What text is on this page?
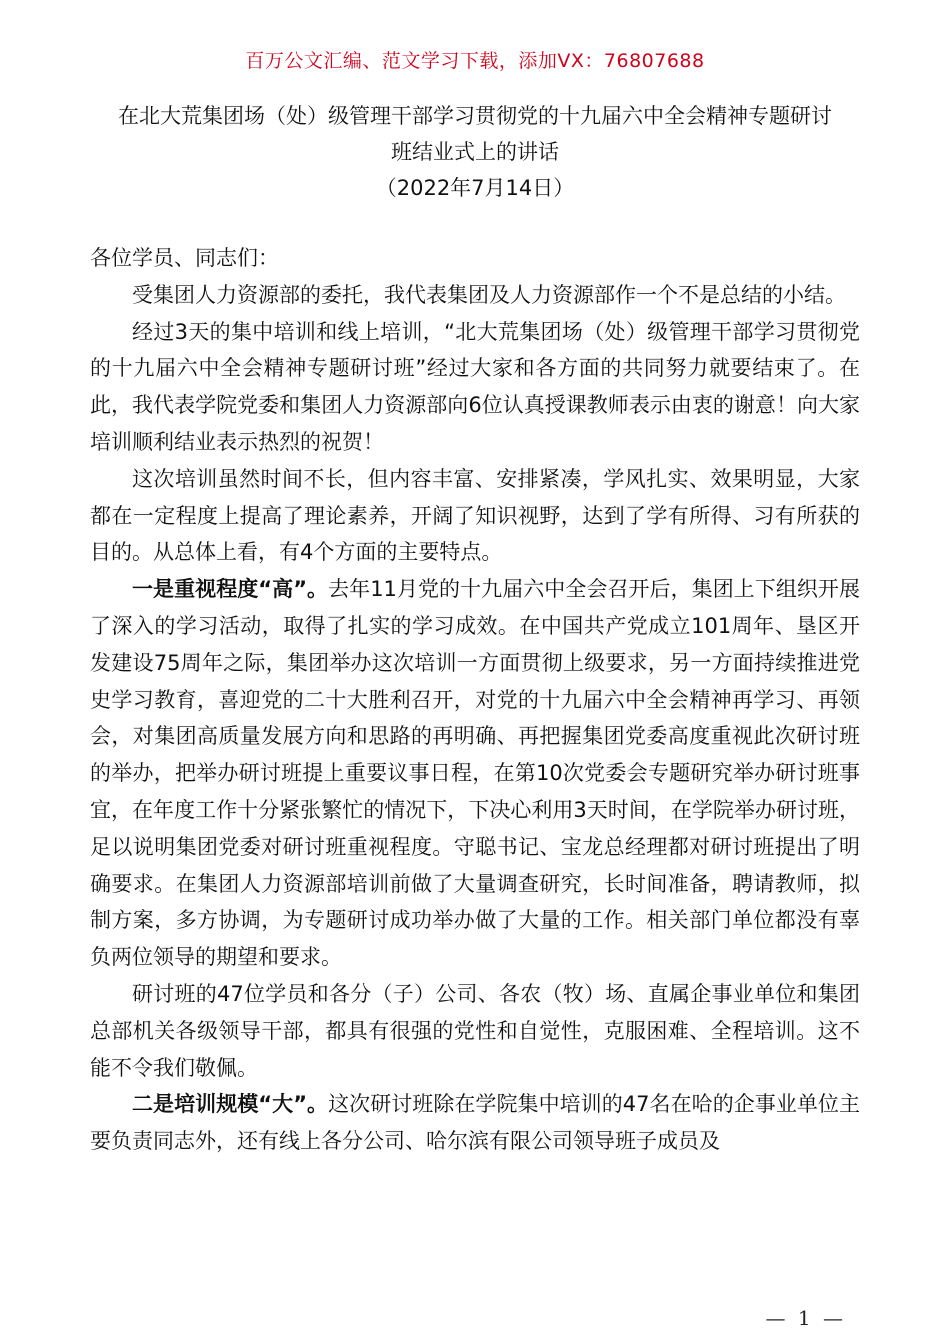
百万公文汇编、范文学习下载，添加VX：76807688
在北大荒集团场（处）级管理干部学习贯彻党的十九届六中全会精神专题研讨
班结业式上的讲话
（2022年7月14日）

各位学员、同志们：

受集团人力资源部的委托，我代表集团及人力资源部作一个不是总结的小结。

经过3天的集中培训和线上培训，“北大荒集团场（处）级管理干部学习贯彻党的十九届六中全会精神专题研讨班”经过大家和各方面的共同努力就要结束了。在此，我代表学院党委和集团人力资源部向6位认真授课教师表示由衷的谢意！向大家培训顺利结业表示热烈的祝贺！

这次培训虽然时间不长，但内容丰富、安排紧凑，学风扎实、效果明显，大家都在一定程度上提高了理论素养，开阔了知识视野，达到了学有所得、习有所获的目的。从总体上看，有4个方面的主要特点。

一是重视程度“高”。去年11月党的十九届六中全会召开后，集团上下组织开展了深入的学习活动，取得了扎实的学习成效。在中国共产党成立101周年、垦区开发建设75周年之际，集团举办这次培训一方面贯彻上级要求，另一方面持续推进党史学习教育，喜迎党的二十大胜利召开，对党的十九届六中全会精神再学习、再领会，对集团高质量发展方向和思路的再明确、再把握集团党委高度重视此次研讨班的举办，把举办研讨班提上重要议事日程，在第10次党委会专题研究举办研讨班事宜，在年度工作十分紧张繁忙的情况下，下决心利用3天时间，在学院举办研讨班，足以说明集团党委对研讨班重视程度。守聪书记、宝龙总经理都对研讨班提出了明确要求。在集团人力资源部培训前做了大量调查研究，长时间准备，聘请教师，拟制方案，多方协调，为专题研讨成功举办做了大量的工作。相关部门单位都没有辜负两位领导的期望和要求。

研讨班的47位学员和各分（子）公司、各农（牧）场、直属企事业单位和集团总部机关各级领导干部，都具有很强的党性和自觉性，克服困难、全程培训。这不能不令我们敬佩。

二是培训规模“大”。这次研讨班除在学院集中培训的47名在哈的企事业单位主要负责同志外，还有线上各分公司、哈尔滨有限公司领导班子成员及

— 1 —
